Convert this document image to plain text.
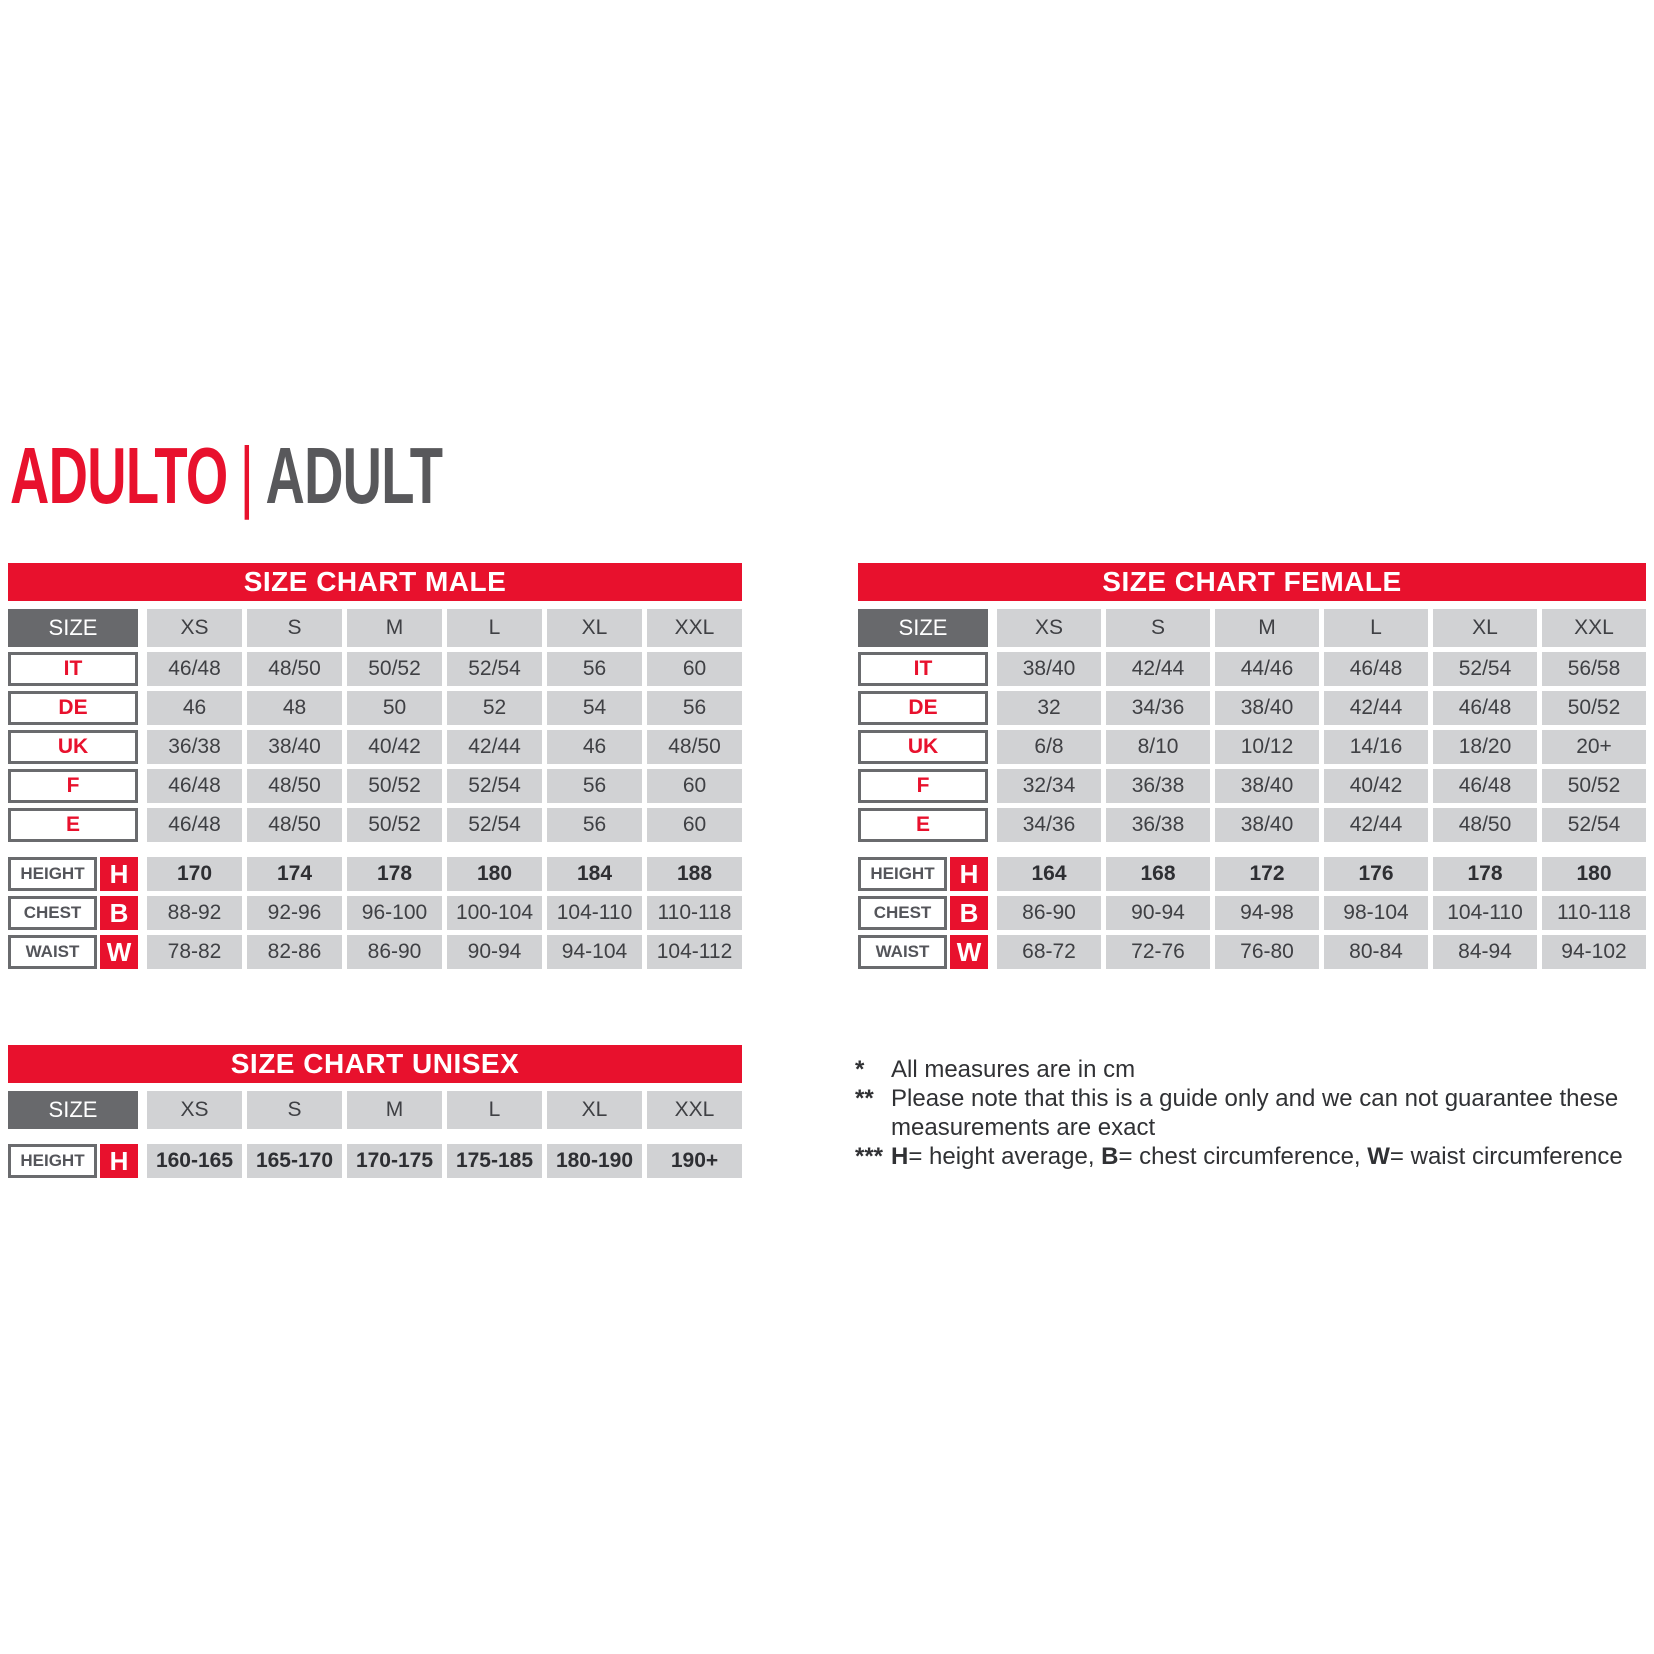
ADULTO | ADULT
SIZE CHART MALE
SIZE	XS	S	M	L	XL	XXL
IT	46/48	48/50	50/52	52/54	56	60
DE	46	48	50	52	54	56
UK	36/38	38/40	40/42	42/44	46	48/50
F	46/48	48/50	50/52	52/54	56	60
E	46/48	48/50	50/52	52/54	56	60
HEIGHT H	170	174	178	180	184	188
CHEST	B	88-92	92-96	96-100	100-104	104-110	110-118
WAIST	W	78-82	82-86	86-90	90-94	94-104	104-112
SIZE CHART FEMALE
SIZE	XS	S	M	L	XL	XXL
IT	38/40	42/44	44/46	46/48	52/54	56/58
DE	32	34/36	38/40	42/44	46/48	50/52
UK	6/8	8/10	10/12	14/16	18/20	20+
F	32/34	36/38	38/40	40/42	46/48	50/52
E	34/36	36/38	38/40	42/44	48/50	52/54
HEIGHT H	164	168	172	176	178	180
CHEST	B	86-90	90-94	94-98	98-104	104-110	110-118
WAIST	W	68-72	72-76	76-80	80-84	84-94	94-102
SIZE CHART UNISEX
SIZE	XS	S	M	L	XL	XXL
HEIGHT H	160-165	165-170	170-175	175-185	180-190	190+
*	All measures are in cm
** Please note that this is a guide only and we can not guarantee these measurements are exact
*** H= height average, B= chest circumference, W= waist circumference
